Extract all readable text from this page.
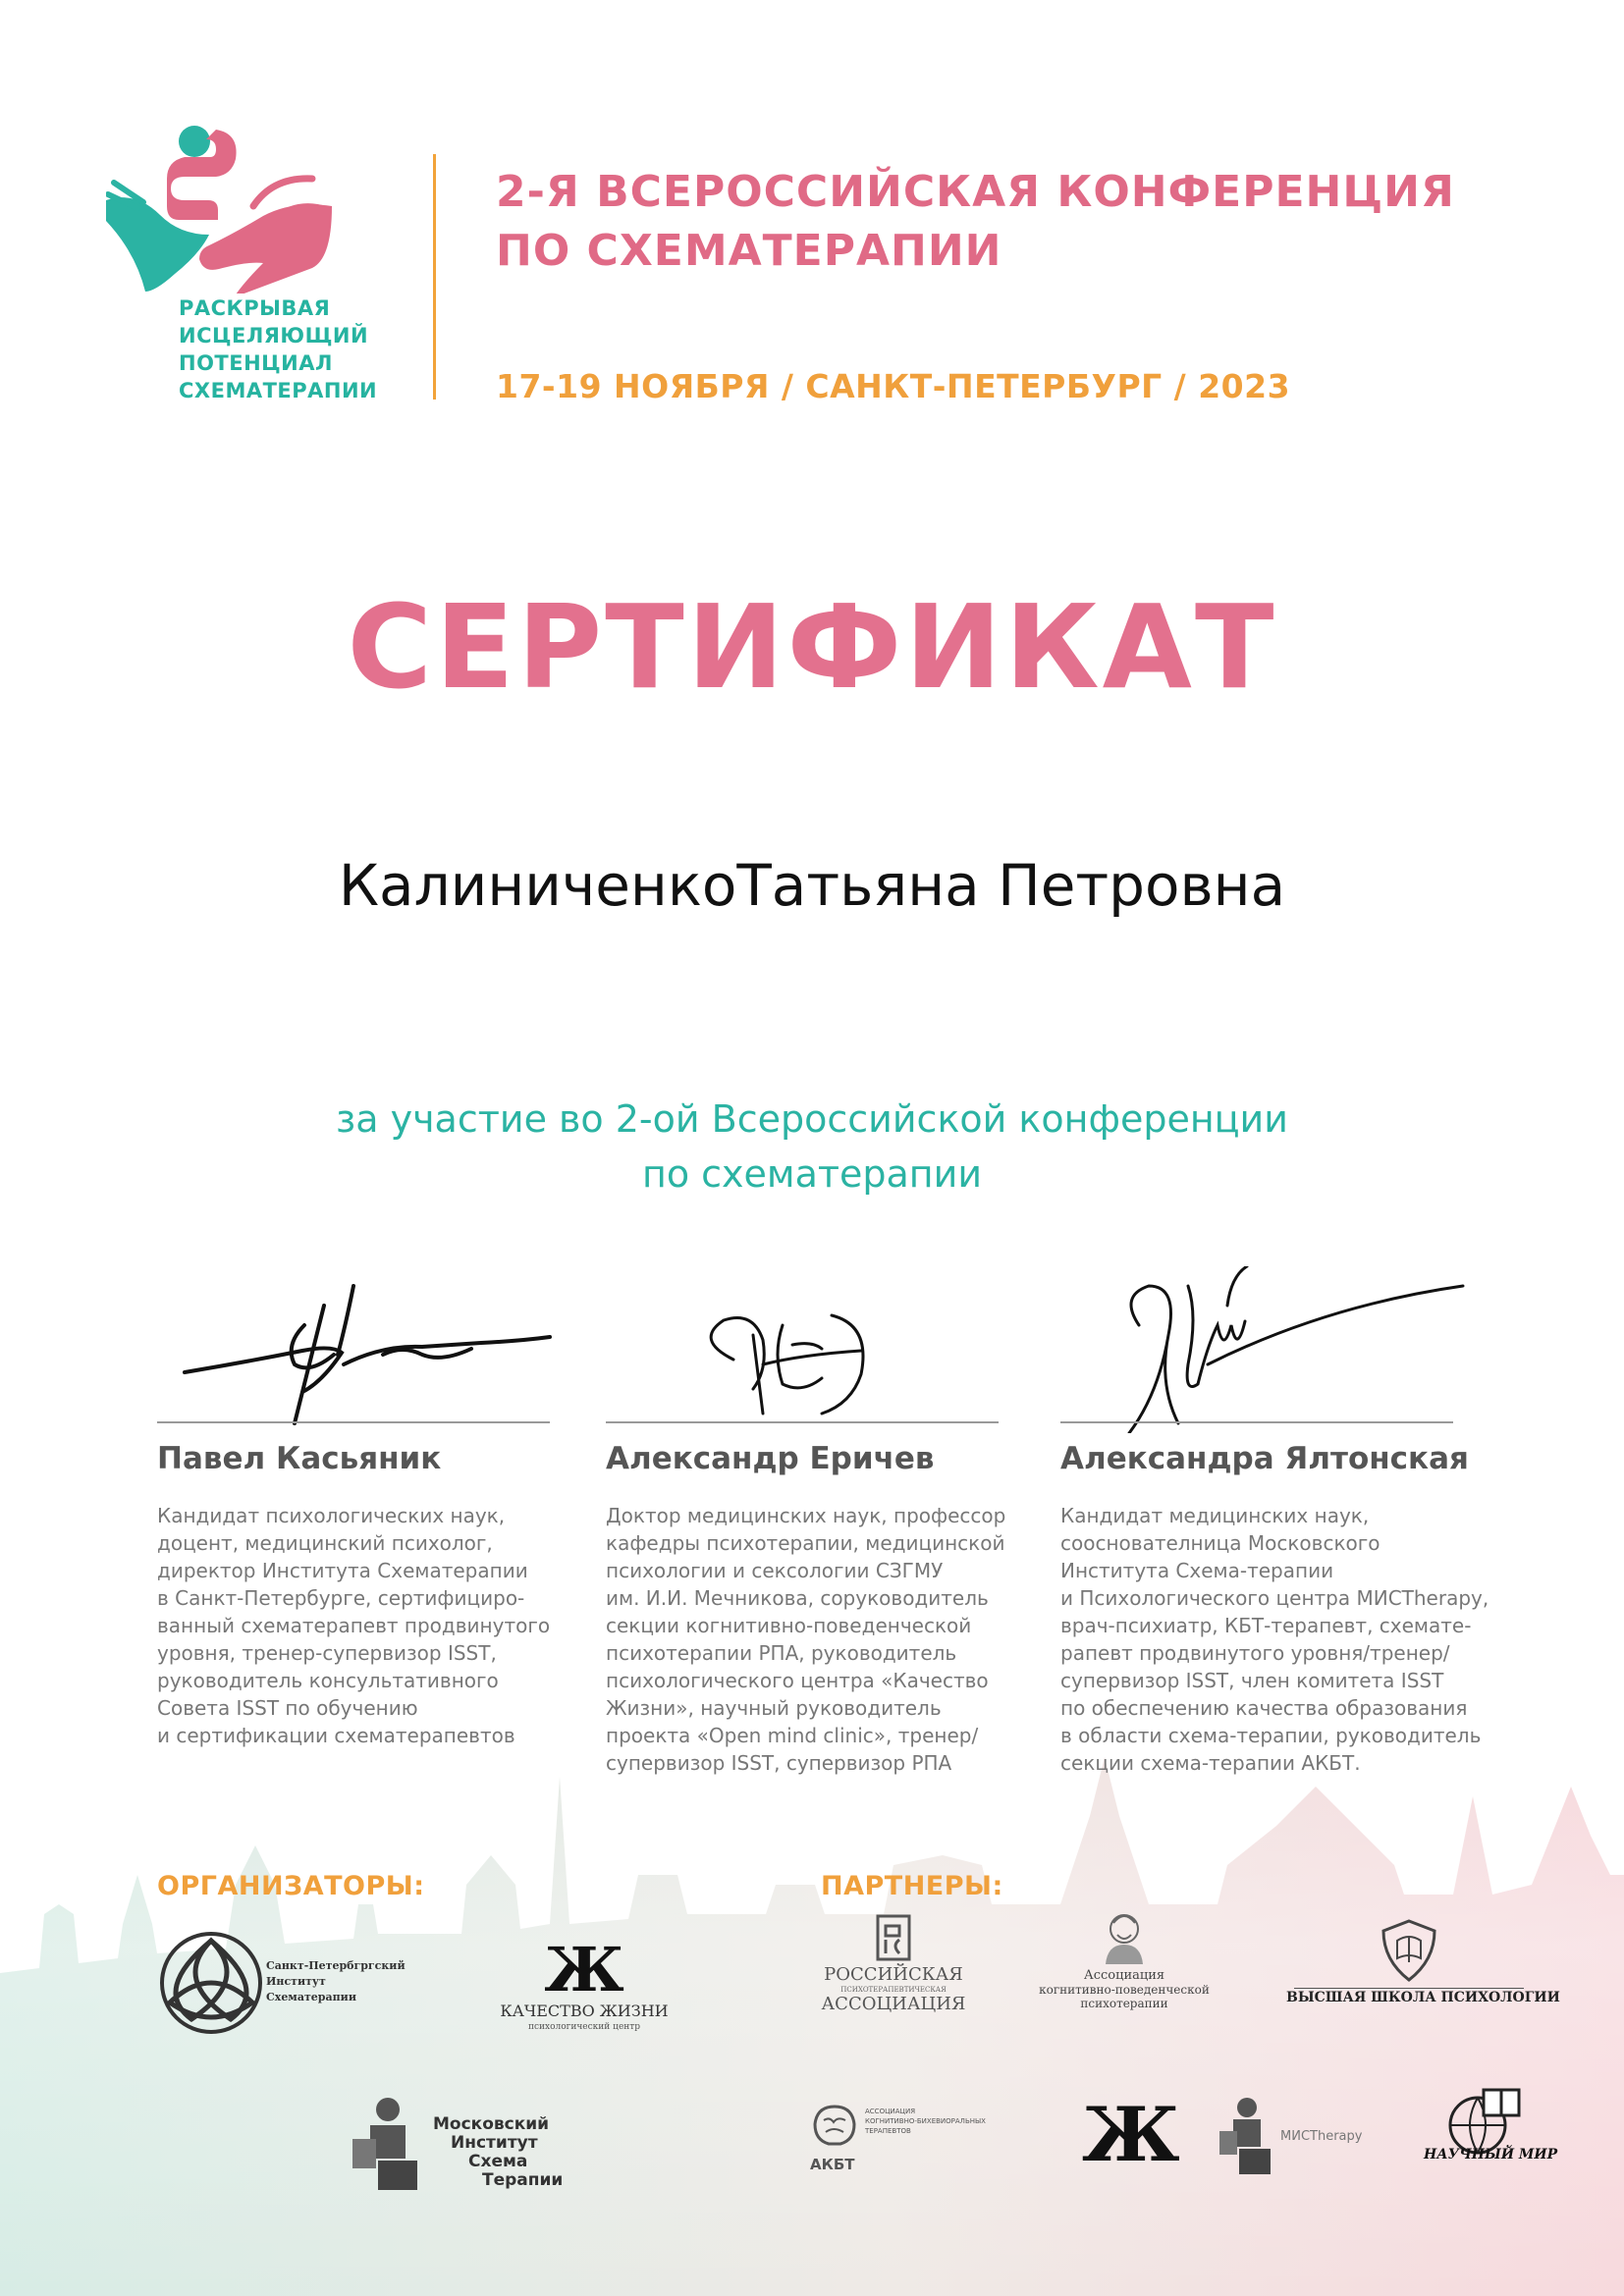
РАСКРЫВАЯ
ИСЦЕЛЯЮЩИЙ
ПОТЕНЦИАЛ
СХЕМАТЕРАПИИ
2-Я ВСЕРОССИЙСКАЯ КОНФЕРЕНЦИЯ
ПО СХЕМАТЕРАПИИ
17-19 НОЯБРЯ / САНКТ-ПЕТЕРБУРГ / 2023
СЕРТИФИКАТ
КалиниченкоТатьяна Петровна
за участие во 2-ой Всероссийской конференции
по схематерапии
Павел Касьяник
Кандидат психологических наук,
доцент, медицинский психолог,
директор Института Схематерапии
в Санкт-Петербурге, сертифициро-
ванный схематерапевт продвинутого
уровня, тренер-супервизор ISST,
руководитель консультативного
Совета ISST по обучению
и сертификации схематерапевтов
Александр Еричев
Доктор медицинских наук, профессор
кафедры психотерапии, медицинской
психологии и сексологии СЗГМУ
им. И.И. Мечникова, соруководитель
секции когнитивно-поведенческой
психотерапии РПА, руководитель
психологического центра «Качество
Жизни», научный руководитель
проекта «Open mind clinic», тренер/
супервизор ISST, супервизор РПА
Александра Ялтонская
Кандидат медицинских наук,
сооснователница Московского
Института Схема-терапии
и Психологического центра МИСTherapy,
врач-психиатр, КБТ-терапевт, схемате-
рапевт продвинутого уровня/тренер/
супервизор ISST, член комитета ISST
по обеспечению качества образования
в области схема-терапии, руководитель
секции схема-терапии АКБТ.
ОРГАНИЗАТОРЫ:	ПАРТНЕРЫ:
Санкт-Петербгргский
Институт
Схематерапии	Ж
КАЧЕСТВО ЖИЗНИ
психологический центр
Московский
Институт
Схема
Терапии
РОССИЙСКАЯ
ПСИХОТЕРАПЕВТИЧЕСКАЯ
АССОЦИАЦИЯ
Ассоциация
когнитивно-поведенческой
психотерапии	ВЫСШАЯ ШКОЛА ПСИХОЛОГИИ
АССОЦИАЦИЯ
КОГНИТИВНО-БИХЕВИОРАЛЬНЫХ
ТЕРАПЕВТОВ
АКБТ	Ж	МИСTherapy
НАУЧНЫЙ МИР
